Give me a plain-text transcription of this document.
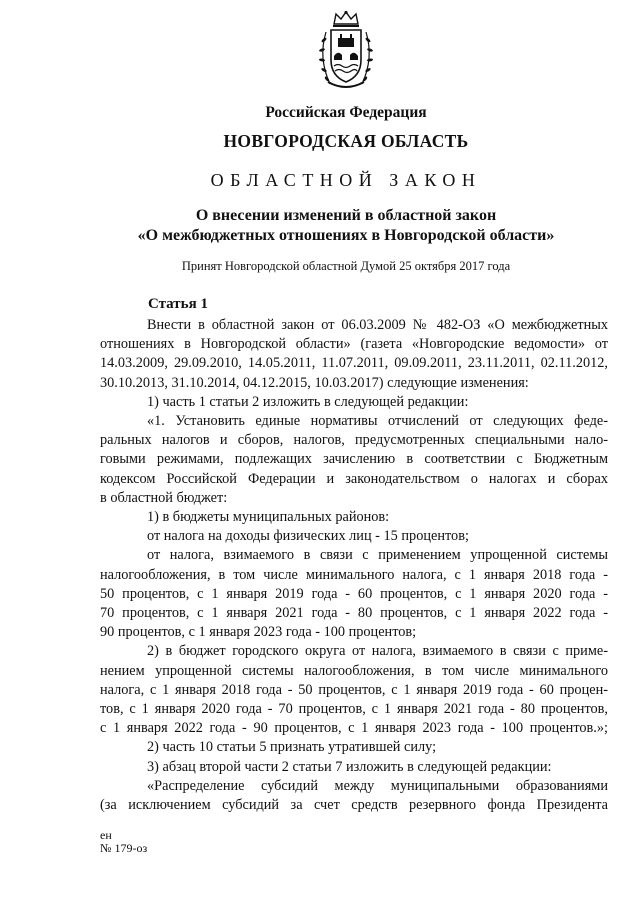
Российская Федерация
НОВГОРОДСКАЯ ОБЛАСТЬ
ОБЛАСТНОЙ ЗАКОН
О внесении изменений в областной закон
«О межбюджетных отношениях в Новгородской области»
Принят Новгородской областной Думой 25 октября 2017 года
Статья 1
Внести в областной закон от 06.03.2009 № 482-ОЗ «О межбюджетных
отношениях в Новгородской области» (газета «Новгородские ведомости» от
14.03.2009, 29.09.2010, 14.05.2011, 11.07.2011, 09.09.2011, 23.11.2011, 02.11.2012,
30.10.2013, 31.10.2014, 04.12.2015, 10.03.2017) следующие изменения:
1) часть 1 статьи 2 изложить в следующей редакции:
«1. Установить единые нормативы отчислений от следующих феде-
ральных налогов и сборов, налогов, предусмотренных специальными нало-
говыми режимами, подлежащих зачислению в соответствии с Бюджетным
кодексом Российской Федерации и законодательством о налогах и сборах
в областной бюджет:
1) в бюджеты муниципальных районов:
от налога на доходы физических лиц - 15 процентов;
от налога, взимаемого в связи с применением упрощенной системы
налогообложения, в том числе минимального налога, с 1 января 2018 года -
50 процентов, с 1 января 2019 года - 60 процентов, с 1 января 2020 года -
70 процентов, с 1 января 2021 года - 80 процентов, с 1 января 2022 года -
90 процентов, с 1 января 2023 года - 100 процентов;
2) в бюджет городского округа от налога, взимаемого в связи с приме-
нением упрощенной системы налогообложения, в том числе минимального
налога, с 1 января 2018 года - 50 процентов, с 1 января 2019 года - 60 процен-
тов, с 1 января 2020 года - 70 процентов, с 1 января 2021 года - 80 процентов,
с 1 января 2022 года - 90 процентов, с 1 января 2023 года - 100 процентов.»;
2) часть 10 статьи 5 признать утратившей силу;
3) абзац второй части 2 статьи 7 изложить в следующей редакции:
«Распределение субсидий между муниципальными образованиями
(за исключением субсидий за счет средств резервного фонда Президента
ен
№ 179-оз
